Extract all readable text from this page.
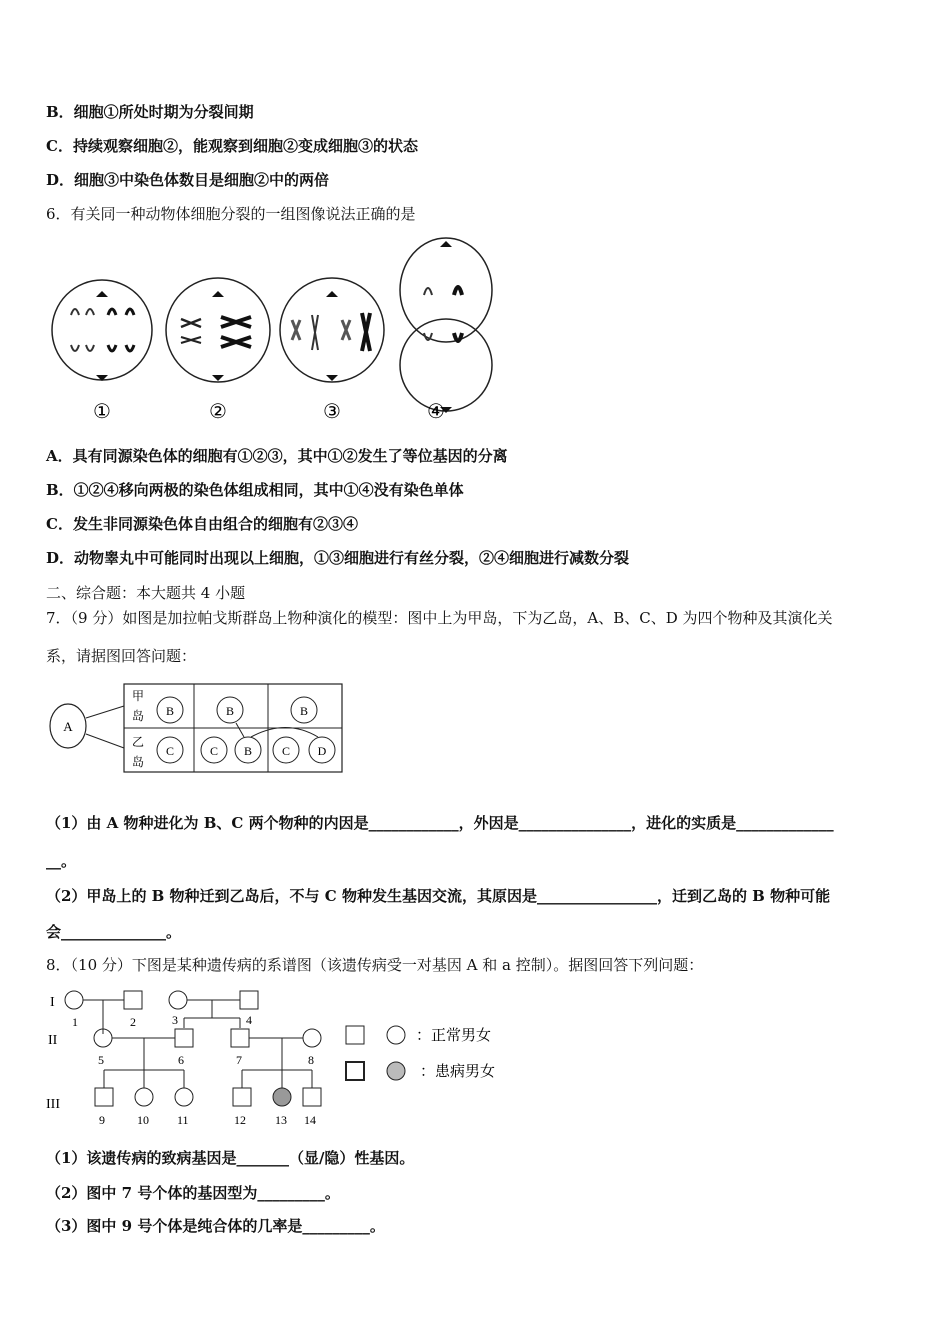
B．细胞①所处时期为分裂间期
C．持续观察细胞②，能观察到细胞②变成细胞③的状态
D．细胞③中染色体数目是细胞②中的两倍
6．有关同一种动物体细胞分裂的一组图像说法正确的是
①	②	③	④
A．具有同源染色体的细胞有①②③，其中①②发生了等位基因的分离
B．①②④移向两极的染色体组成相同，其中①④没有染色单体
C．发生非同源染色体自由组合的细胞有②③④
D．动物睾丸中可能同时出现以上细胞，①③细胞进行有丝分裂，②④细胞进行减数分裂
二、综合题：本大题共 4 小题
7．（9 分）如图是加拉帕戈斯群岛上物种演化的模型：图中上为甲岛，下为乙岛，A、B、C、D 为四个物种及其演化关
系，请据图回答问题：
A
甲
岛
乙
岛
B
C
B
C B
B
C D
（1）由 A 物种进化为 B、C 两个物种的内因是____________，外因是_______________，进化的实质是_____________
__。
（2）甲岛上的 B 物种迁到乙岛后，不与 C 物种发生基因交流，其原因是________________，迁到乙岛的 B 物种可能
会______________。
8．（10 分）下图是某种遗传病的系谱图（该遗传病受一对基因 A 和 a 控制）。据图回答下列问题：
I
II
III
1	2	3	4
5	6	7	8
9	10 11	12 13 14
：正常男女
：患病男女
（1）该遗传病的致病基因是_______（显/隐）性基因。
（2）图中 7 号个体的基因型为_________。
（3）图中 9 号个体是纯合体的几率是_________。
